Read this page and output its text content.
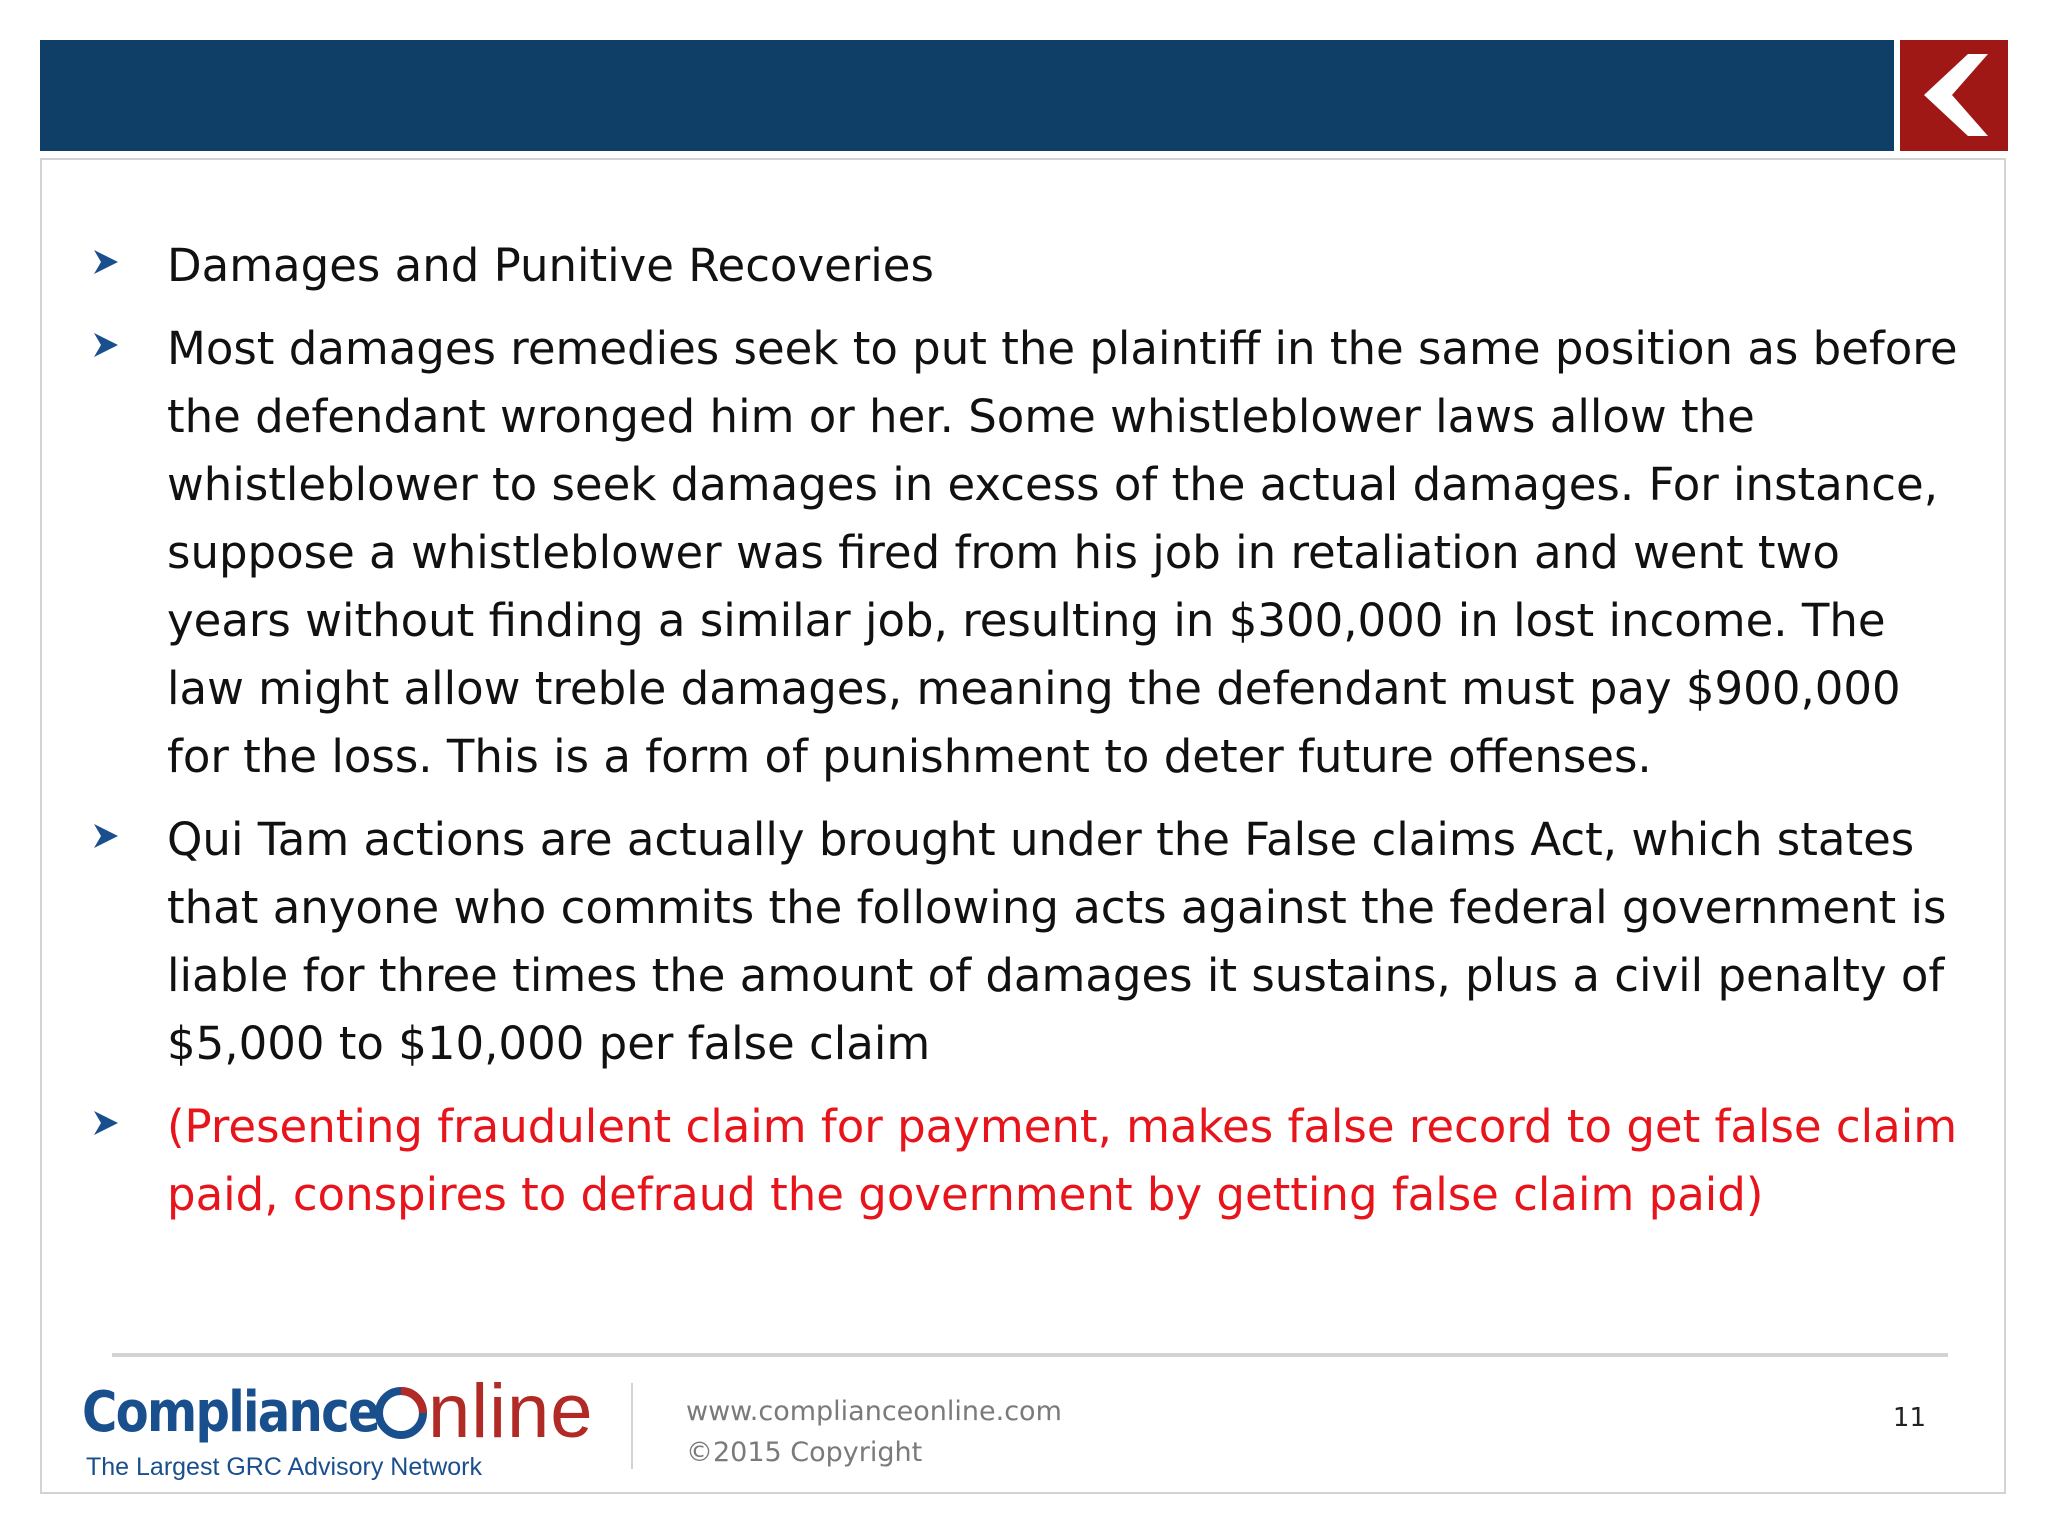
Damages and Punitive Recoveries
Most damages remedies seek to put the plaintiff in the same position as before the defendant wronged him or her. Some whistleblower laws allow the whistleblower to seek damages in excess of the actual damages. For instance, suppose a whistleblower was fired from his job in retaliation and went two years without finding a similar job, resulting in $300,000 in lost income. The law might allow treble damages, meaning the defendant must pay $900,000 for the loss. This is a form of punishment to deter future offenses.
Qui Tam actions are actually brought under the False claims Act, which states that anyone who commits the following acts against the federal government is liable for three times the amount of damages it sustains, plus a civil penalty of $5,000 to $10,000 per false claim
(Presenting fraudulent claim for payment, makes false record to get false claim paid, conspires to defraud the government by getting false claim paid)
Compliance nline
The Largest GRC Advisory Network
www.complianceonline.com
©2015 Copyright
11
